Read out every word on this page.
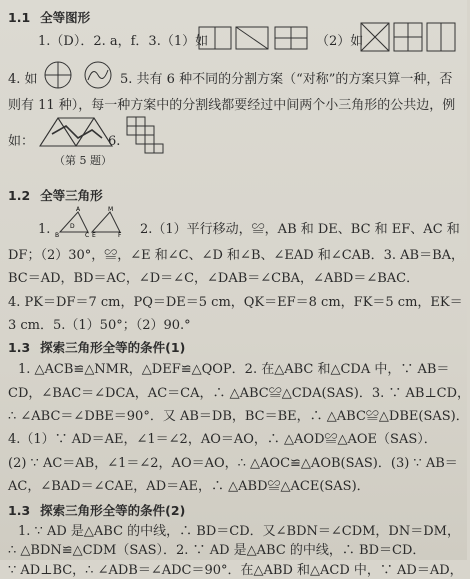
1.1 全等图形
1.（D）．2. a，f．3.（1）如	（2）如
4. 如	5. 共有 6 种不同的分割方案（“对称”的方案只算一种，否
则有 11 种），每一种方案中的分割线都要经过中间两个小三角形的公共边，例
如：
（第 5 题）
6.
1.2 全等三角形
1.
A	M
B	C E	F
D	2.（1）平行移动，≌，AB 和 DE、BC 和 EF、AC 和
DF；（2）30°，≌，∠E 和∠C、∠D 和∠B、∠EAD 和∠CAB．3. AB＝BA，
BC＝AD，BD＝AC，∠D＝∠C，∠DAB＝∠CBA，∠ABD＝∠BAC．
4. PK＝DF＝7 cm，PQ＝DE＝5 cm，QK＝EF＝8 cm，FK＝5 cm，EK＝
3 cm．5.（1）50°；（2）90.°
1.3 探索三角形全等的条件(1)
1. △ACB≌△NMR，△DEF≌△QOP．2. 在△ABC 和△CDA 中，∵ AB＝
CD，∠BAC＝∠DCA，AC＝CA，∴ △ABC≌△CDA(SAS)．3. ∵ AB⊥CD，
∴ ∠ABC＝∠DBE＝90°．又 AB＝DB，BC＝BE，∴ △ABC≌△DBE(SAS)．
4.（1）∵ AD＝AE，∠1＝∠2，AO＝AO，∴ △AOD≌△AOE（SAS）．
(2) ∵ AC＝AB，∠1＝∠2，AO＝AO，∴ △AOC≌△AOB(SAS)．(3) ∵ AB＝
AC，∠BAD＝∠CAE，AD＝AE，∴ △ABD≌△ACE(SAS)．
1.3 探索三角形全等的条件(2)
1. ∵ AD 是△ABC 的中线，∴ BD＝CD．又∠BDN＝∠CDM，DN＝DM，
∴ △BDN≌△CDM（SAS）．2. ∵ AD 是△ABC 的中线，∴ BD＝CD．
∵ AD⊥BC，∴ ∠ADB＝∠ADC＝90°．在△ABD 和△ACD 中，∵ AD＝AD，
